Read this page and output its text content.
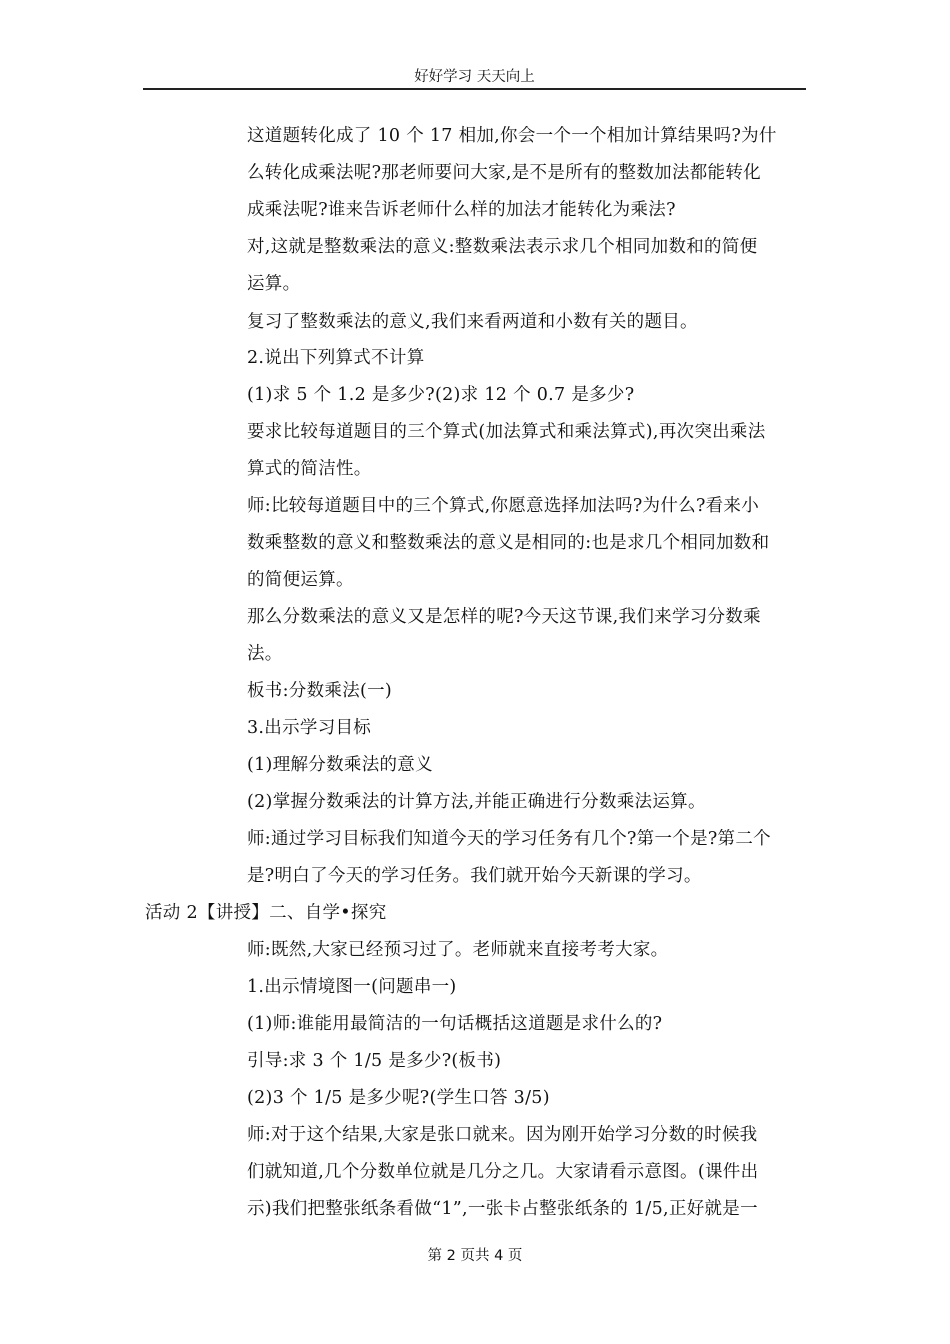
好好学习 天天向上
这道题转化成了 10 个 17 相加,你会一个一个相加计算结果吗?为什
么转化成乘法呢?那老师要问大家,是不是所有的整数加法都能转化
成乘法呢?谁来告诉老师什么样的加法才能转化为乘法?
对,这就是整数乘法的意义:整数乘法表示求几个相同加数和的简便
运算。
复习了整数乘法的意义,我们来看两道和小数有关的题目。
2.说出下列算式不计算
(1)求 5 个 1.2 是多少?(2)求 12 个 0.7 是多少?
要求比较每道题目的三个算式(加法算式和乘法算式),再次突出乘法
算式的简洁性。
师:比较每道题目中的三个算式,你愿意选择加法吗?为什么?看来小
数乘整数的意义和整数乘法的意义是相同的:也是求几个相同加数和
的简便运算。
那么分数乘法的意义又是怎样的呢?今天这节课,我们来学习分数乘
法。
板书:分数乘法(一)
3.出示学习目标
(1)理解分数乘法的意义
(2)掌握分数乘法的计算方法,并能正确进行分数乘法运算。
师:通过学习目标我们知道今天的学习任务有几个?第一个是?第二个
是?明白了今天的学习任务。我们就开始今天新课的学习。
活动 2【讲授】二、自学•探究
师:既然,大家已经预习过了。老师就来直接考考大家。
1.出示情境图一(问题串一)
(1)师:谁能用最简洁的一句话概括这道题是求什么的?
引导:求 3 个 1/5 是多少?(板书)
(2)3 个 1/5 是多少呢?(学生口答 3/5)
师:对于这个结果,大家是张口就来。因为刚开始学习分数的时候我
们就知道,几个分数单位就是几分之几。大家请看示意图。(课件出
示)我们把整张纸条看做“1”,一张卡占整张纸条的 1/5,正好就是一
第 2 页共 4 页
